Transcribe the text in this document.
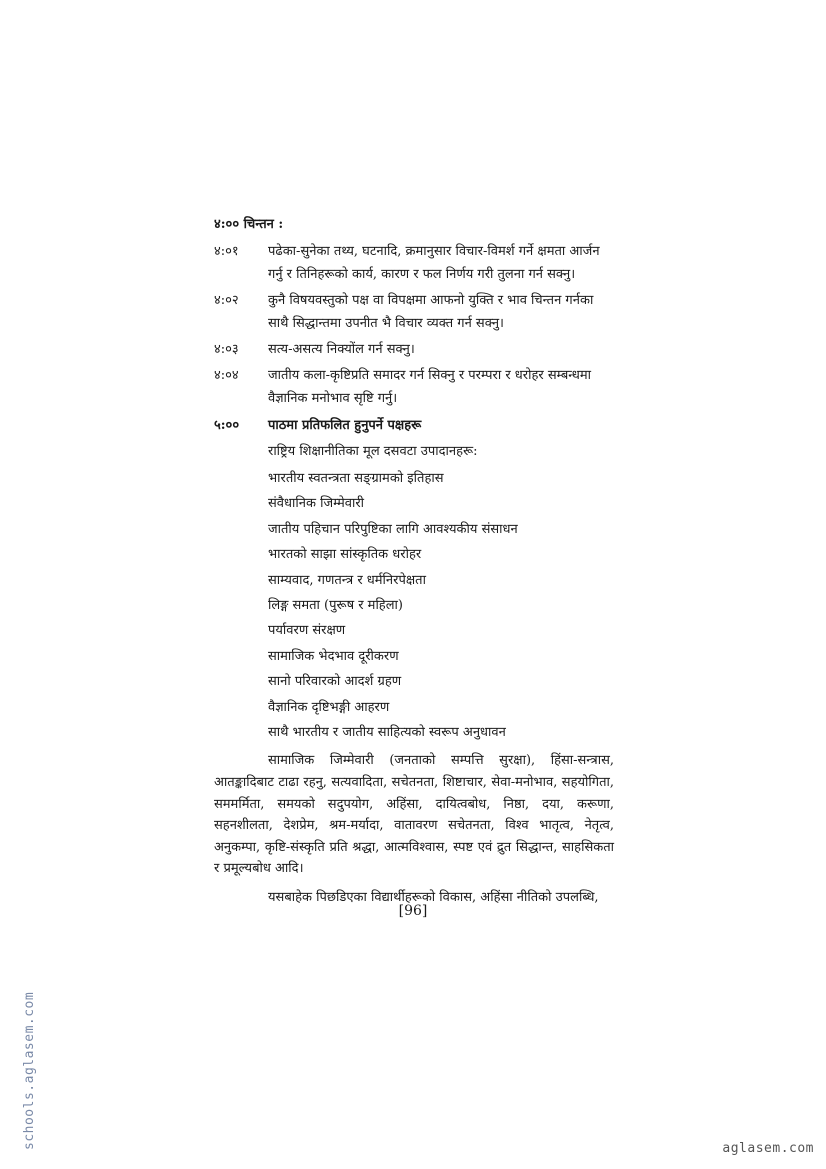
४:०० चिन्तन :
४:०१	पढेका-सुनेका तथ्य, घटनादि, क्रमानुसार विचार-विमर्श गर्ने क्षमता आर्जन गर्नु र तिनिहरूको कार्य, कारण र फल निर्णय गरी तुलना गर्न सक्नु।
४:०२	कुनै विषयवस्तुको पक्ष वा विपक्षमा आफनो युक्ति र भाव चिन्तन गर्नका साथै सिद्धान्तमा उपनीत भै विचार व्यक्त गर्न सक्नु।
४:०३	सत्य-असत्य निक्योंल गर्न सक्नु।
४:०४	जातीय कला-कृष्टिप्रति समादर गर्न सिक्नु र परम्परा र धरोहर सम्बन्धमा वैज्ञानिक मनोभाव सृष्टि गर्नु।
५:००	पाठमा प्रतिफलित हुनुपर्ने पक्षहरू
राष्ट्रिय शिक्षानीतिका मूल दसवटा उपादानहरू:
भारतीय स्वतन्त्रता सङ्ग्रामको इतिहास
संवैधानिक जिम्मेवारी
जातीय पहिचान परिपुष्टिका लागि आवश्यकीय संसाधन
भारतको साझा सांस्कृतिक धरोहर
साम्यवाद, गणतन्त्र र धर्मनिरपेक्षता
लिङ्ग समता (पुरूष र महिला)
पर्यावरण संरक्षण
सामाजिक भेदभाव दूरीकरण
सानो परिवारको आदर्श ग्रहण
वैज्ञानिक दृष्टिभङ्गी आहरण
साथै भारतीय र जातीय साहित्यको स्वरूप अनुधावन

सामाजिक जिम्मेवारी (जनताको सम्पत्ति सुरक्षा), हिंसा-सन्त्रास, आतङ्कादिबाट टाढा रहनु, सत्यवादिता, सचेतनता, शिष्टाचार, सेवा-मनोभाव, सहयोगिता, सममर्मिता, समयको सदुपयोग, अहिंसा, दायित्वबोध, निष्ठा, दया, करूणा, सहनशीलता, देशप्रेम, श्रम-मर्यादा, वातावरण सचेतनता, विश्व भातृत्व, नेतृत्व, अनुकम्पा, कृष्टि-संस्कृति प्रति श्रद्धा, आत्मविश्वास, स्पष्ट एवं द्रुत सिद्धान्त, साहसिकता र प्रमूल्यबोध आदि।

यसबाहेक पिछडिएका विद्यार्थीहरूको विकास, अहिंसा नीतिको उपलब्धि,

[96]
schools.aglasem.com	aglasem.com
